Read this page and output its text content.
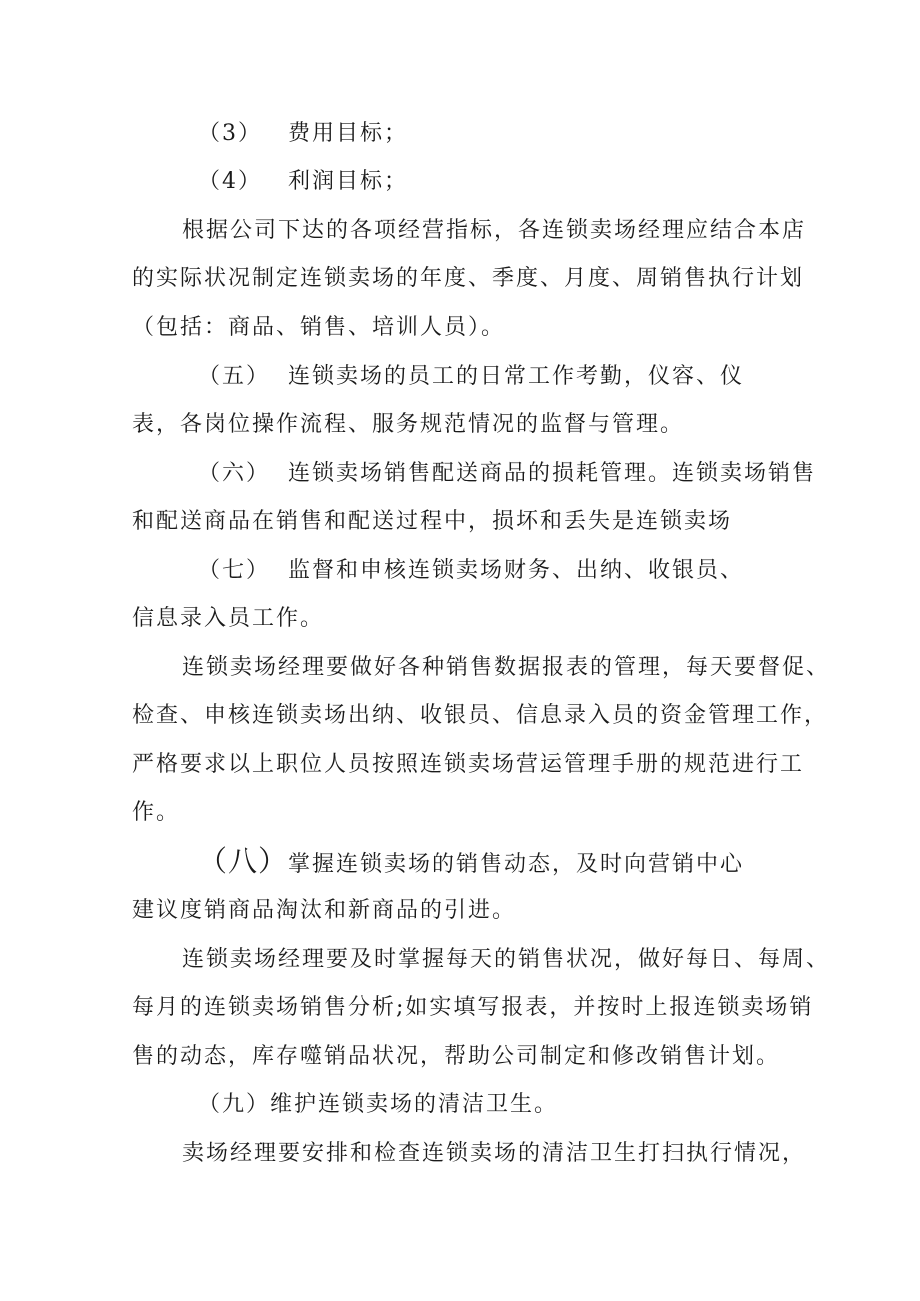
（3） 费用目标；
（4） 利润目标；
根据公司下达的各项经营指标，各连锁卖场经理应结合本店
的实际状况制定连锁卖场的年度、季度、月度、周销售执行计划
（包括：商品、销售、培训人员）。
（五） 连锁卖场的员工的日常工作考勤，仪容、仪
表，各岗位操作流程、服务规范情况的监督与管理。
（六） 连锁卖场销售配送商品的损耗管理。连锁卖场销售
和配送商品在销售和配送过程中，损坏和丢失是连锁卖场
（七） 监督和申核连锁卖场财务、出纳、收银员、
信息录入员工作。
连锁卖场经理要做好各种销售数据报表的管理，每天要督促、
检查、申核连锁卖场出纳、收银员、信息录入员的资金管理工作，
严格要求以上职位人员按照连锁卖场营运管理手册的规范进行工
作。
（八）掌握连锁卖场的销售动态，及时向营销中心
建议度销商品淘汰和新商品的引进。
连锁卖场经理要及时掌握每天的销售状况，做好每日、每周、
每月的连锁卖场销售分析;如实填写报表，并按时上报连锁卖场销
售的动态，库存噬销品状况，帮助公司制定和修改销售计划。
（九）维护连锁卖场的清洁卫生。
卖场经理要安排和检查连锁卖场的清洁卫生打扫执行情况，
